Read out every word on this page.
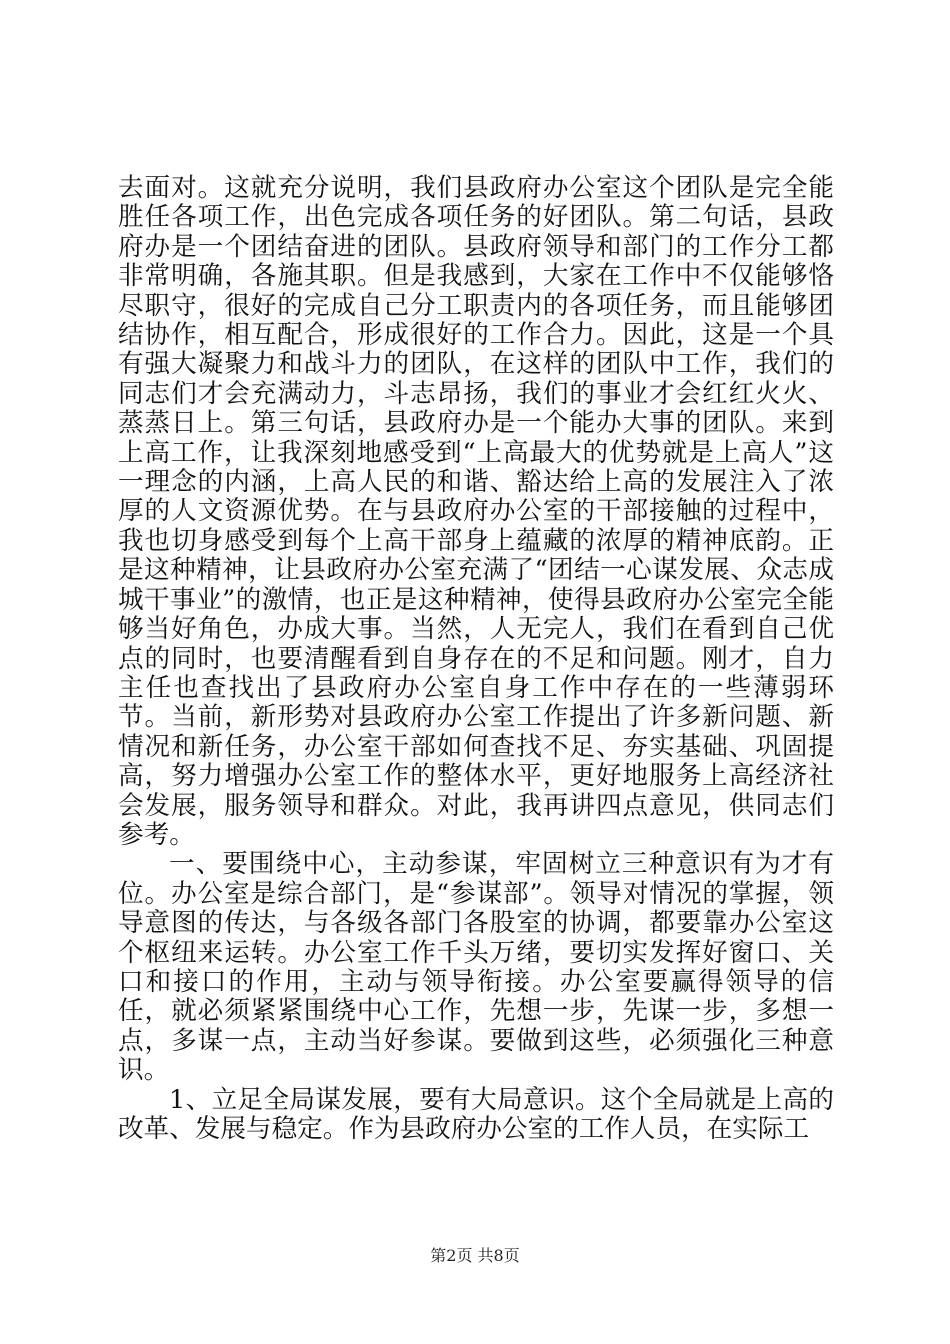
去面对。这就充分说明，我们县政府办公室这个团队是完全能胜任各项工作，出色完成各项任务的好团队。第二句话，县政府办是一个团结奋进的团队。县政府领导和部门的工作分工都非常明确，各施其职。但是我感到，大家在工作中不仅能够恪尽职守，很好的完成自己分工职责内的各项任务，而且能够团结协作，相互配合，形成很好的工作合力。因此，这是一个具有强大凝聚力和战斗力的团队，在这样的团队中工作，我们的同志们才会充满动力，斗志昂扬，我们的事业才会红红火火、蒸蒸日上。第三句话，县政府办是一个能办大事的团队。来到上高工作，让我深刻地感受到“上高最大的优势就是上高人”这一理念的内涵，上高人民的和谐、豁达给上高的发展注入了浓厚的人文资源优势。在与县政府办公室的干部接触的过程中，我也切身感受到每个上高干部身上蕴藏的浓厚的精神底韵。正是这种精神，让县政府办公室充满了“团结一心谋发展、众志成城干事业”的激情，也正是这种精神，使得县政府办公室完全能够当好角色，办成大事。当然，人无完人，我们在看到自己优点的同时，也要清醒看到自身存在的不足和问题。刚才，自力主任也查找出了县政府办公室自身工作中存在的一些薄弱环节。当前，新形势对县政府办公室工作提出了许多新问题、新情况和新任务，办公室干部如何查找不足、夯实基础、巩固提高，努力增强办公室工作的整体水平，更好地服务上高经济社会发展，服务领导和群众。对此，我再讲四点意见，供同志们参考。

一、要围绕中心，主动参谋，牢固树立三种意识有为才有位。办公室是综合部门，是“参谋部”。领导对情况的掌握，领导意图的传达，与各级各部门各股室的协调，都要靠办公室这个枢纽来运转。办公室工作千头万绪，要切实发挥好窗口、关口和接口的作用，主动与领导衔接。办公室要赢得领导的信任，就必须紧紧围绕中心工作，先想一步，先谋一步，多想一点，多谋一点，主动当好参谋。要做到这些，必须强化三种意识。

1、立足全局谋发展，要有大局意识。这个全局就是上高的改革、发展与稳定。作为县政府办公室的工作人员，在实际工

第2页 共8页
